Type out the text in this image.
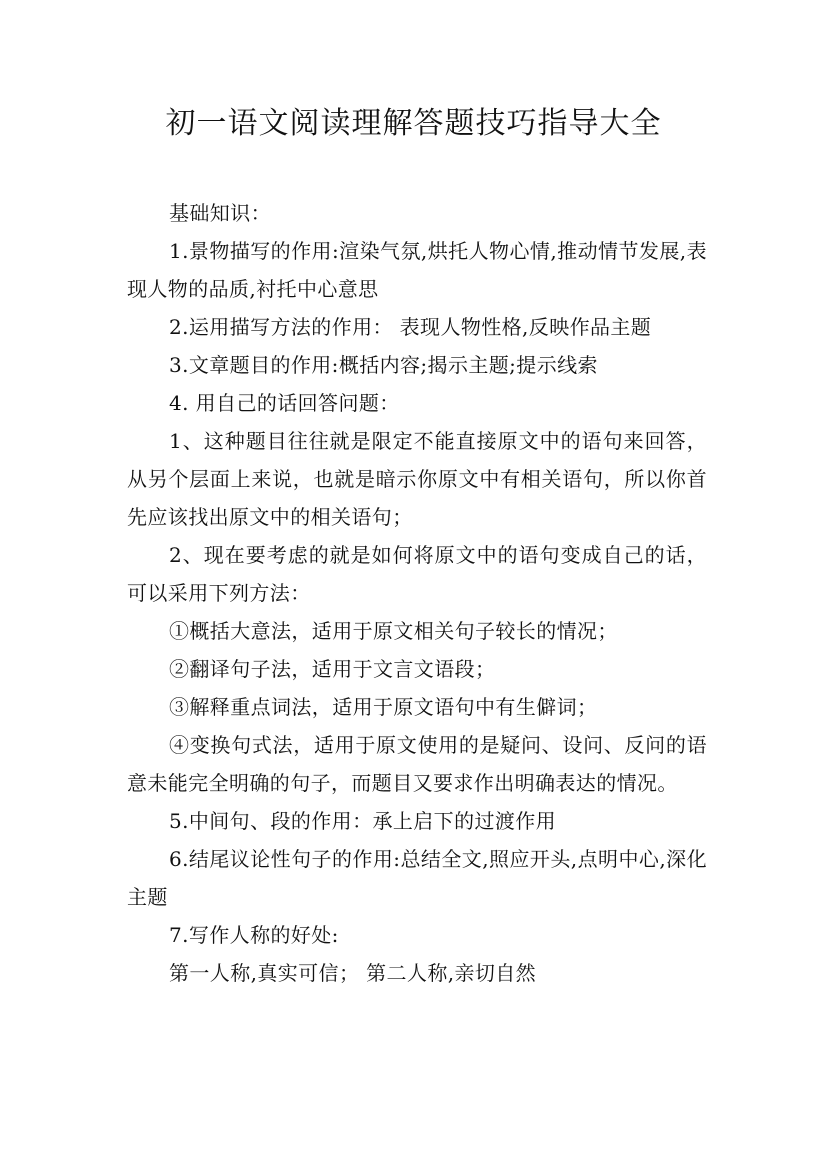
初一语文阅读理解答题技巧指导大全

基础知识：

1.景物描写的作用:渲染气氛,烘托人物心情,推动情节发展,表现人物的品质,衬托中心意思

2.运用描写方法的作用： 表现人物性格,反映作品主题

3.文章题目的作用:概括内容;揭示主题;提示线索

4. 用自己的话回答问题：

1、这种题目往往就是限定不能直接原文中的语句来回答，从另个层面上来说，也就是暗示你原文中有相关语句，所以你首先应该找出原文中的相关语句；

2、现在要考虑的就是如何将原文中的语句变成自己的话，可以采用下列方法：

①概括大意法，适用于原文相关句子较长的情况；

②翻译句子法，适用于文言文语段；

③解释重点词法，适用于原文语句中有生僻词；

④变换句式法，适用于原文使用的是疑问、设问、反问的语意未能完全明确的句子，而题目又要求作出明确表达的情况。

5.中间句、段的作用：承上启下的过渡作用

6.结尾议论性句子的作用:总结全文,照应开头,点明中心,深化主题

7.写作人称的好处:

第一人称,真实可信； 第二人称,亲切自然
